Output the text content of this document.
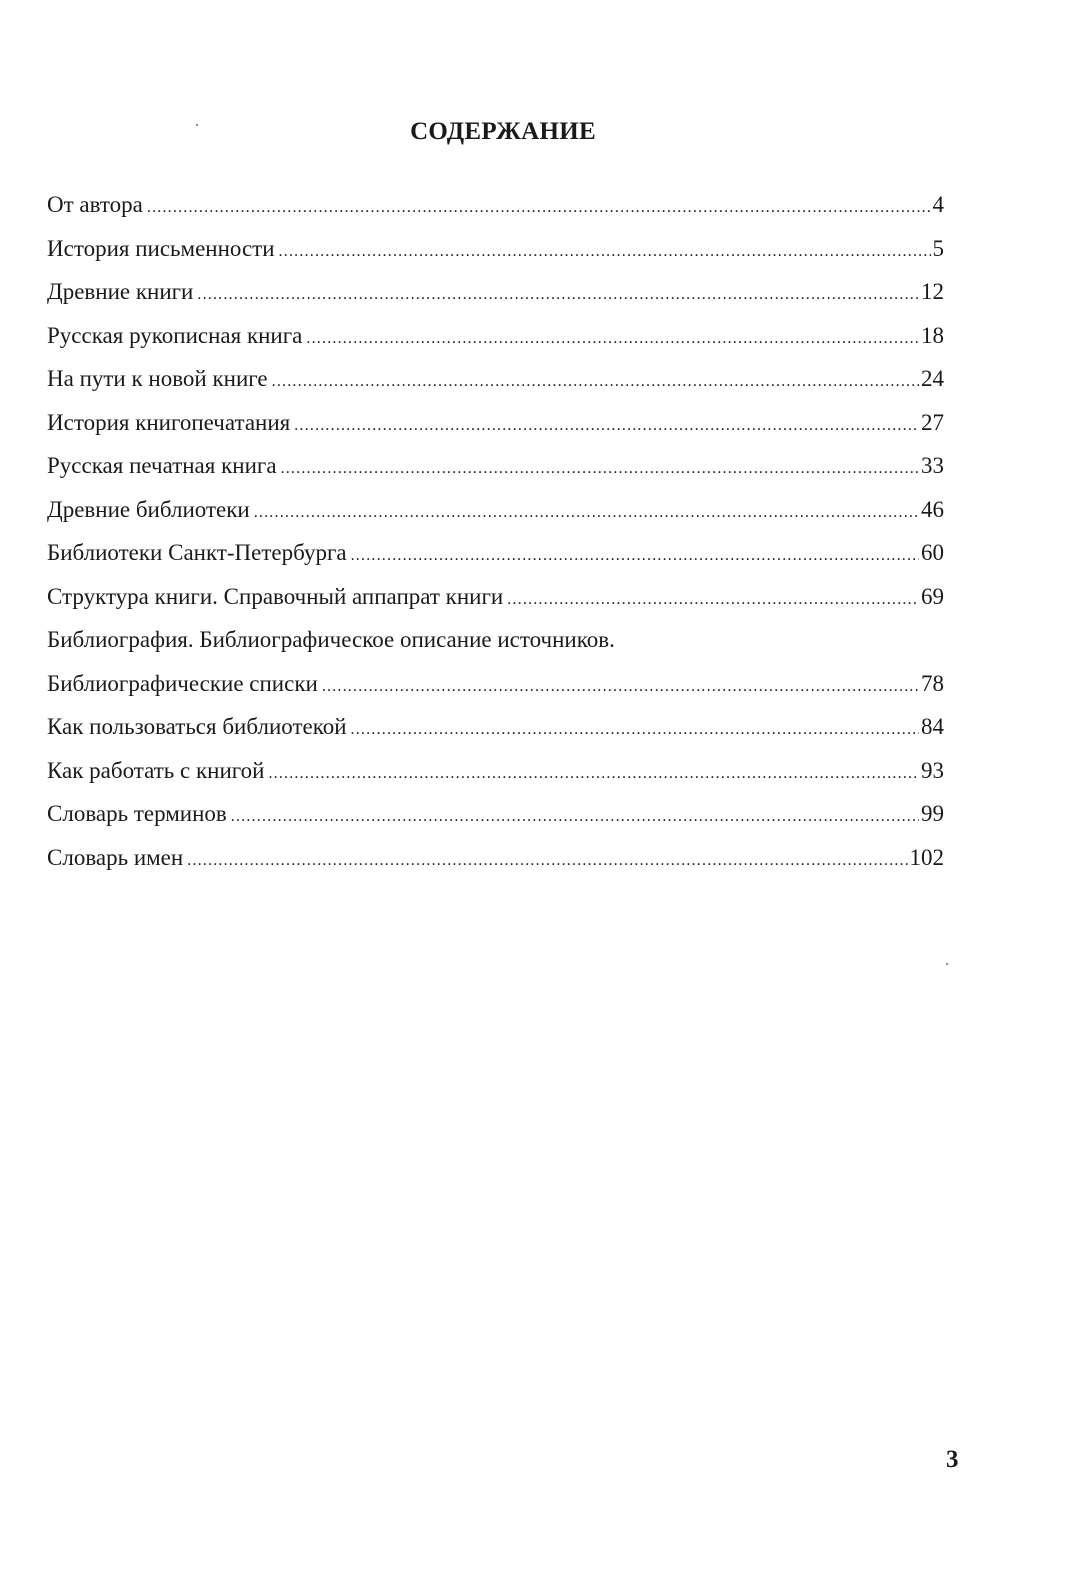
СОДЕРЖАНИЕ
От автора .....	4
История письменности .....	5
Древние книги .....	12
Русская рукописная книга .....	18
На пути к новой книге .....	24
История книгопечатания .....	27
Русская печатная книга .....	33
Древние библиотеки .....	46
Библиотеки Санкт-Петербурга .....	60
Структура книги. Справочный аппапрат книги .....	69
Библиография. Библиографическое описание источников.
Библиографические списки .....	78
Как пользоваться библиотекой .....	84
Как работать с книгой .....	93
Словарь терминов .....	99
Словарь имен .....	102
3
